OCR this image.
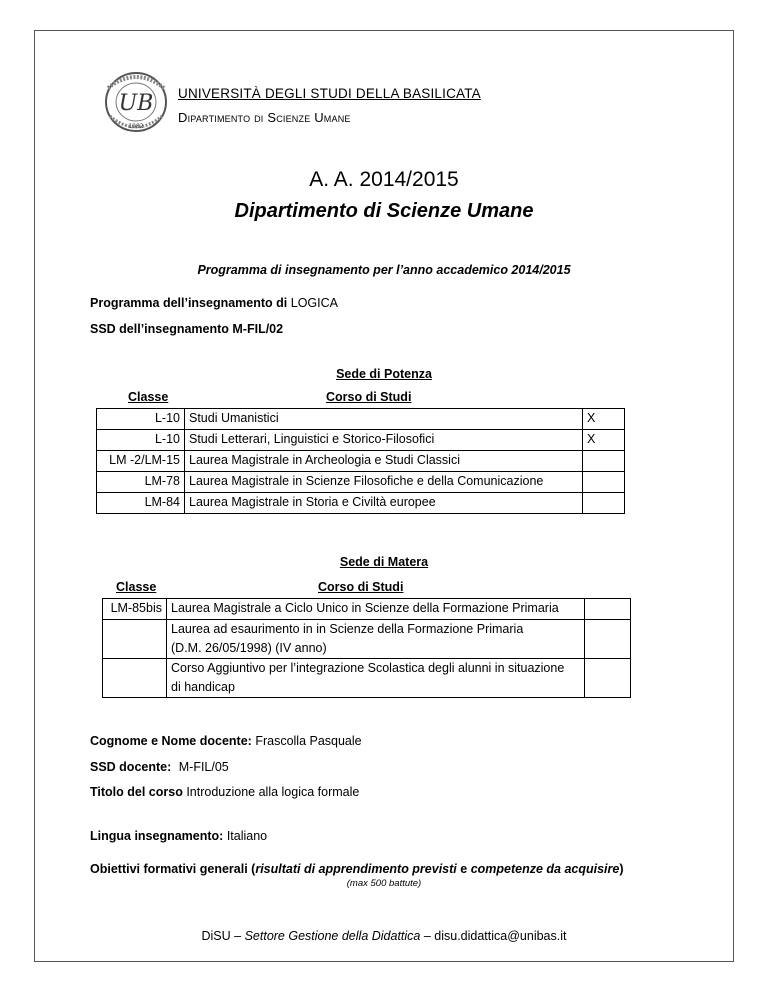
UB
1982
UNIVERSITÀ DEGLI STUDI DELLA BASILICATA
Dipartimento di Scienze Umane
A. A. 2014/2015
Dipartimento di Scienze Umane
Programma di insegnamento per l’anno accademico 2014/2015
Programma dell’insegnamento di LOGICA
SSD dell’insegnamento M-FIL/02
Sede di Potenza
Classe	Corso di Studi
L-10	Studi Umanistici	X
L-10	Studi Letterari, Linguistici e Storico-Filosofici	X
LM -2/LM-15	Laurea Magistrale in Archeologia e Studi Classici	
LM-78	Laurea Magistrale in Scienze Filosofiche e della Comunicazione	
LM-84	Laurea Magistrale in Storia e Civiltà europee	
Sede di Matera
Classe	Corso di Studi
LM-85bis	Laurea Magistrale a Ciclo Unico in Scienze della Formazione Primaria	

	Laurea ad esaurimento in in Scienze della Formazione Primaria
(D.M. 26/05/1998) (IV anno)	

	Corso Aggiuntivo per l’integrazione Scolastica degli alunni in situazione
di handicap	

Cognome e Nome docente: Frascolla Pasquale
SSD docente: M-FIL/05
Titolo del corso Introduzione alla logica formale
Lingua insegnamento: Italiano
Obiettivi formativi generali (risultati di apprendimento previsti e competenze da acquisire)
(max 500 battute)
DiSU – Settore Gestione della Didattica – disu.didattica@unibas.it
